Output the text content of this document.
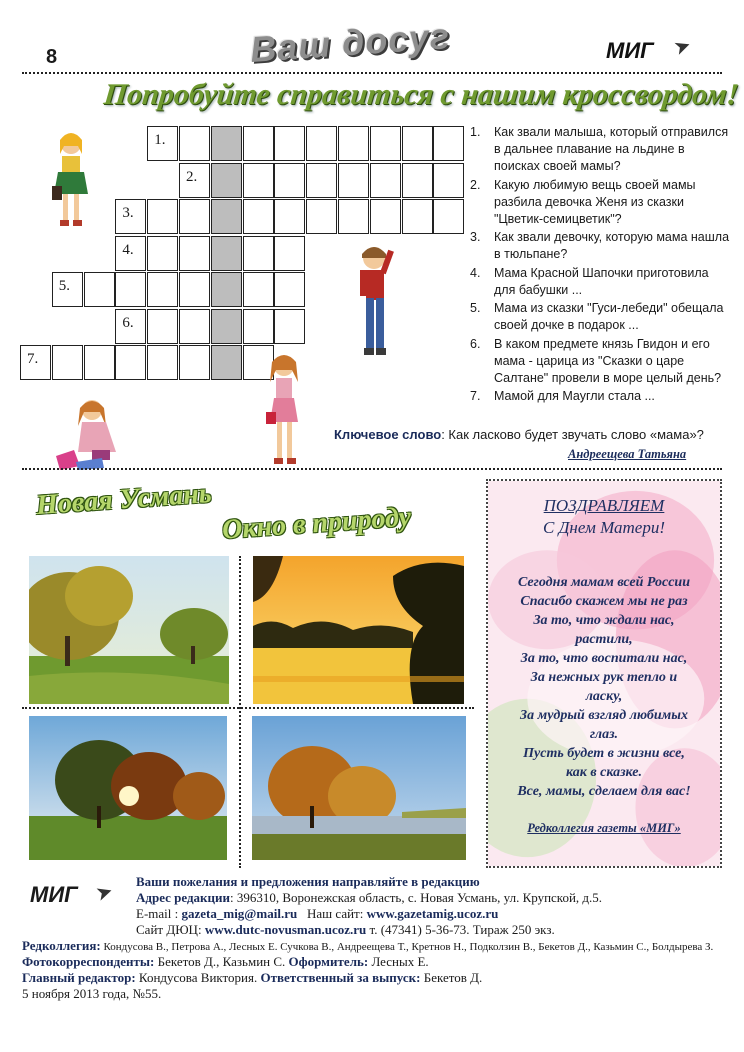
8	Ваш досуг	МИГ ➤
Попробуйте справиться с нашим кроссвордом!
1.
2.
3.
4.
5.
6.
7.
1. Как звали малыша, который отправился в дальнее плавание на льдине в поисках своей мамы?
2. Какую любимую вещь своей мамы разбила девочка Женя из сказки "Цветик-семицветик"?
3. Как звали девочку, которую мама нашла в тюльпане?
4. Мама Красной Шапочки приготовила для бабушки ...
5. Мама из сказки "Гуси-лебеди" обещала своей дочке в подарок ...
6. В каком предмете князь Гвидон и его мама - царица из "Сказки о царе Салтане" провели в море целый день?
7. Мамой для Маугли стала ...
Ключевое слово: Как ласково будет звучать слово «мама»?
Андреещева Татьяна
Новая Усмань
Окно в природу	ПОЗДРАВЛЯЕМ
С Днем Матери!
Сегодня мамам всей России
Спасибо скажем мы не раз
За то, что ждали нас,
растили,
За то, что воспитали нас,
За нежных рук тепло и
ласку,
За мудрый взгляд любимых
глаз.
Пусть будет в жизни все,
как в сказке.
Все, мамы, сделаем для вас!
Редколлегия газеты «МИГ»
МИГ ➤ Ваши пожелания и предложения направляйте в редакцию
Адрес редакции: 396310, Воронежская область, с. Новая Усмань, ул. Крупской, д.5.
E-mail : gazeta_mig@mail.ru Наш сайт: www.gazetamig.ucoz.ru
Сайт ДЮЦ: www.dutc-novusman.ucoz.ru т. (47341) 5-36-73. Тираж 250 экз.
Редколлегия: Кондусова В., Петрова А., Лесных Е. Сучкова В., Андреещева Т., Кретнов Н., Подколзин В., Бекетов Д., Казьмин С., Болдырева З.
Фотокорреспонденты: Бекетов Д., Казьмин С. Оформитель: Лесных Е.
Главный редактор: Кондусова Виктория. Ответственный за выпуск: Бекетов Д.
5 ноября 2013 года, №55.
